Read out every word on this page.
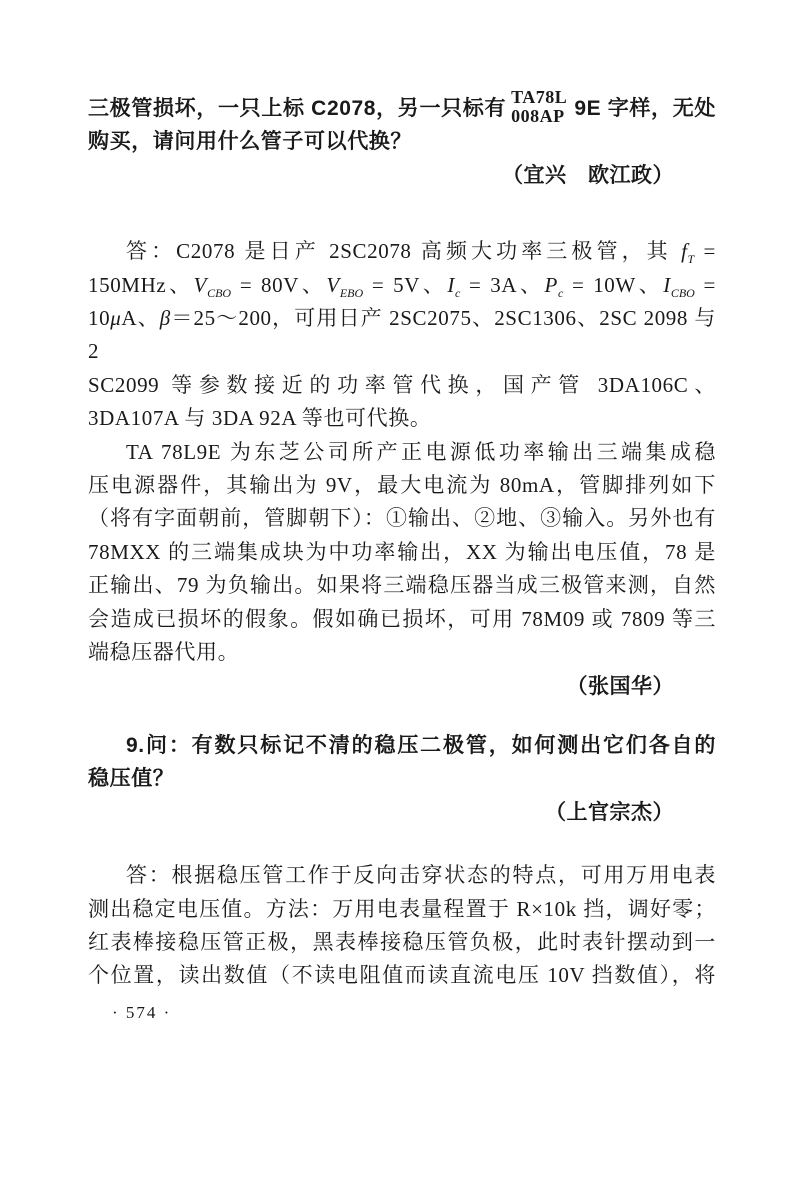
三极管损坏，一只上标 C2078，另一只标有 TA78L
008AP 9E 字样，无处
购买，请问用什么管子可以代换？
（宜兴　欧江政）
答：C2078 是日产 2SC2078 高频大功率三极管，其 $f_T$ =
150MHz、$V_{CBO} = 80V$、$V_{EBO} = 5V$、$I_c = 3A$、$P_c = 10W$、$I_{CBO}$ =
10μA、β＝25～200，可用日产 2SC2075、2SC1306、2SC 2098 与 2
SC2099 等参数接近的功率管代换，国产管 3DA106C、
3DA107A 与 3DA 92A 等也可代换。
TA 78L9E 为东芝公司所产正电源低功率输出三端集成稳
压电源器件，其输出为 9V，最大电流为 80mA，管脚排列如下
（将有字面朝前，管脚朝下）：①输出、②地、③输入。另外也有
78MXX 的三端集成块为中功率输出，XX 为输出电压值，78 是
正输出、79 为负输出。如果将三端稳压器当成三极管来测，自然
会造成已损坏的假象。假如确已损坏，可用 78M09 或 7809 等三
端稳压器代用。
（张国华）
9.问：有数只标记不清的稳压二极管，如何测出它们各自的
稳压值？
（上官宗杰）
答：根据稳压管工作于反向击穿状态的特点，可用万用电表
测出稳定电压值。方法：万用电表量程置于 R×10k 挡，调好零；
红表棒接稳压管正极，黑表棒接稳压管负极，此时表针摆动到一
个位置，读出数值（不读电阻值而读直流电压 10V 挡数值），将
· 574 ·
